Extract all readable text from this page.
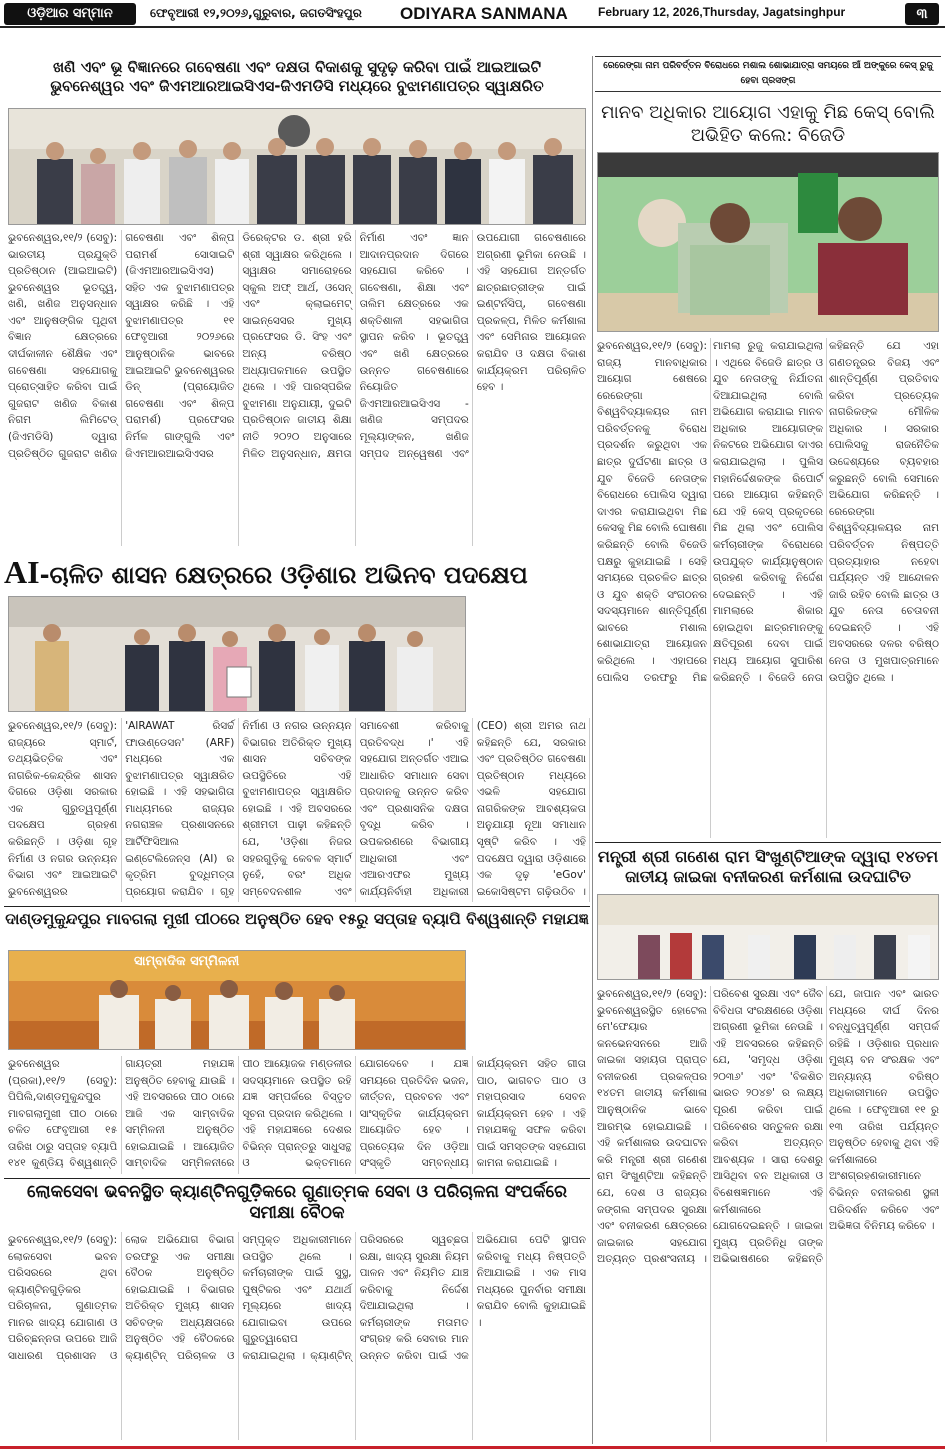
ଓଡ଼ିଆର ସମ୍ମାନ	ଫେବୃଆରୀ ୧୨,୨୦୨୬,ଗୁରୁବାର, ଜଗତସିଂହପୁର ODIYARA SANMANA	February 12, 2026,Thursday, Jagatsinghpur	୩
ଖଣି ଏବଂ ଭୂ ବିଜ୍ଞାନରେ ଗବେଷଣା ଏବଂ ଦକ୍ଷତା ବିକାଶକୁ ସୁଦୃଢ଼ କରିବା ପାଇଁ ଆଇଆଇଟି
ଭୁବନେଶ୍ୱର ଏବଂ ଜିଏମଆରଆଇସିଏସ-ଜିଏମଡିସି ମଧ୍ୟରେ ବୁଝାମଣାପତ୍ର ସ୍ୱାକ୍ଷରିତ
ଭୁବନେଶ୍ୱର,୧୧/୨ (ସେବୁ): ଭାରତୀୟ ପ୍ରଯୁକ୍ତି ପ୍ରତିଷ୍ଠାନ (ଆଇଆଇଟି) ଭୁବନେଶ୍ୱର ଭୂତତ୍ତ୍ୱ, ଖଣି, ଖଣିଜ ଅନୁସନ୍ଧାନ ଏବଂ ଆନୁଷଙ୍ଗିକ ପୃଥିବୀ ବିଜ୍ଞାନ କ୍ଷେତ୍ରରେ ଦୀର୍ଘକାଳୀନ ଶୈକ୍ଷିକ ଏବଂ ଗବେଷଣା ସହଯୋଗକୁ ପ୍ରୋତ୍ସାହିତ କରିବା ପାଇଁ ଗୁଜରାଟ ଖଣିଜ ବିକାଶ ନିଗମ ଲିମିଟେଡ୍ (ଜିଏମଡିସି) ଦ୍ୱାରା ପ୍ରତିଷ୍ଠିତ ଗୁଜରାଟ ଖଣିଜ ଗବେଷଣା ଏବଂ ଶିଳ୍ପ ପରାମର୍ଶ ସୋସାଇଟି (ଜିଏମଆରଆଇସିଏସ) ସହିତ ଏକ ବୁଝାମଣାପତ୍ର ସ୍ୱାକ୍ଷର କରିଛି । ଏହି ବୁଝାମଣାପତ୍ର ୧୧ ଫେବୃଆରୀ ୨୦୨୬ରେ ଆନୁଷ୍ଠାନିକ ଭାବରେ ଆଇଆଇଟି ଭୁବନେଶ୍ୱରର ଡିନ୍ (ପ୍ରାୟୋଜିତ ଗବେଷଣା ଏବଂ ଶିଳ୍ପ ପରାମର୍ଶ) ପ୍ରଫେସର ନିର୍ମଳ ଗାଙ୍ଗୁଲି ଏବଂ ଜିଏମଆରଆଇସିଏସର ଡିରେକ୍ଟର ଡ. ଶ୍ରୀ ହରି ଶ୍ରୀ ସ୍ୱାକ୍ଷର କରିଥିଲେ । ସ୍ୱାକ୍ଷର ସମାରୋହରେ ସ୍କୁଲ ଅଫ୍ ଆର୍ଥ, ଓସେନ୍ ଏବଂ କ୍ଲାଇମେଟ୍ ସାଇନ୍ସେସର ମୁଖ୍ୟ ପ୍ରଫେସର ଡି. ସିଂହ ଏବଂ ଅନ୍ୟ ବରିଷ୍ଠ ଅଧ୍ୟାପକମାନେ ଉପସ୍ଥିତ ଥିଲେ । ଏହି ପାରସ୍ପରିକ ବୁଝାମଣା ଅନୁଯାୟୀ, ଦୁଇଟି ପ୍ରତିଷ୍ଠାନ ଜାତୀୟ ଶିକ୍ଷା ନୀତି ୨୦୨୦ ଅନୁସାରେ ମିଳିତ ଅନୁସନ୍ଧାନ, କ୍ଷମତା ନିର୍ମାଣ ଏବଂ ଜ୍ଞାନ ଆଦାନପ୍ରଦାନ ଦିଗରେ ସହଯୋଗ କରିବେ । ଗବେଷଣା, ଶିକ୍ଷା ଏବଂ ତାଲିମ କ୍ଷେତ୍ରରେ ଏକ ଶକ୍ତିଶାଳୀ ସହଭାଗିତା ସ୍ଥାପନ କରିବ । ଭୂତତ୍ତ୍ୱ ଏବଂ ଖଣି କ୍ଷେତ୍ରରେ ଉନ୍ନତ ଗବେଷଣାରେ ନିୟୋଜିତ ଜିଏମଆରଆଇସିଏସ - ଖଣିଜ ସମ୍ପଦର ମୂଲ୍ୟାଙ୍କନ, ଖଣିଜ ସମ୍ପଦ ଅନ୍ୱେଷଣ ଏବଂ ଉପଯୋଗୀ ଗବେଷଣାରେ ଅଗ୍ରଣୀ ଭୂମିକା ନେଉଛି । ଏହି ସହଯୋଗ ଅନ୍ତର୍ଗତ ଛାତ୍ରଛାତ୍ରୀଙ୍କ ପାଇଁ ଇଣ୍ଟର୍ନସିପ୍, ଗବେଷଣା ପ୍ରକଳ୍ପ, ମିଳିତ କର୍ମଶାଳା ଏବଂ ସେମିନାର ଆୟୋଜନ କରାଯିବ ଓ ଦକ୍ଷତା ବିକାଶ କାର୍ଯ୍ୟକ୍ରମ ପରିଚାଳିତ ହେବ ।
ରେରେଙ୍ଗା ନାମ ପରିବର୍ତ୍ତନ ବିରୋଧରେ ମଶାଲ ଶୋଭାଯାତ୍ରା ସମୟରେ ଆଁ ଅଙ୍କୁରେ କେସ୍ ରୁଜୁ ହେବା ପ୍ରସଙ୍ଗ
ମାନବ ଅଧିକାର ଆୟୋଗ ଏହାକୁ ମିଛ କେସ୍ ବୋଲି ଅଭିହିତ କଲେ: ବିଜେଡି
ଭୁବନେଶ୍ୱର,୧୧/୨ (ସେବୁ): ରାଜ୍ୟ ମାନବାଧିକାର ଆୟୋଗ ଶେଷରେ ରେରେଙ୍ଗା ବିଶ୍ୱବିଦ୍ୟାଳୟର ନାମ ପରିବର୍ତ୍ତନକୁ ବିରୋଧ ପ୍ରଦର୍ଶନ କରୁଥିବା ଏକ ଛାତ୍ର ଦୁର୍ଘଟଣା ଛାତ୍ର ଓ ଯୁବ ବିଜେଡି ନେତାଙ୍କ ବିରୋଧରେ ପୋଲିସ ଦ୍ୱାରା ଦାଏର କରାଯାଇଥିବା ମିଛ କେସକୁ ମିଛ ବୋଲି ଘୋଷଣା କରିଛନ୍ତି ବୋଲି ବିଜେଡି ପକ୍ଷରୁ କୁହାଯାଇଛି । ସେହି ସମୟରେ ପ୍ରଚଳିତ ଛାତ୍ର ଓ ଯୁବ ଶକ୍ତି ସଂଗଠନର ସଦସ୍ୟମାନେ ଶାନ୍ତିପୂର୍ଣ୍ଣ ଭାବରେ ମଶାଲ ଶୋଭାଯାତ୍ରା ଆୟୋଜନ କରିଥିଲେ । ଏହାପରେ ପୋଲିସ ତରଫରୁ ମିଛ ମାମଲା ରୁଜୁ କରାଯାଇଥିଲା । ଏଥିରେ ବିଜେଡି ଛାତ୍ର ଓ ଯୁବ ନେତାଙ୍କୁ ନିର୍ଯାତନା ଦିଆଯାଇଥିଲା ବୋଲି ଅଭିଯୋଗ କରାଯାଇ ମାନବ ଅଧିକାର ଆୟୋଗଙ୍କ ନିକଟରେ ଅଭିଯୋଗ ଦାଏର କରାଯାଇଥିଲା । ପୁଲିସ ମହାନିର୍ଦ୍ଦେଶକଙ୍କ ରିପୋର୍ଟ ପରେ ଆୟୋଗ କହିଛନ୍ତି ଯେ ଏହି କେସ୍ ପ୍ରକୃତରେ ମିଛ ଥିଲା ଏବଂ ପୋଲିସ କର୍ମଚାରୀଙ୍କ ବିରୋଧରେ ଉପଯୁକ୍ତ କାର୍ଯ୍ୟାନୁଷ୍ଠାନ ଗ୍ରହଣ କରିବାକୁ ନିର୍ଦ୍ଦେଶ ଦେଇଛନ୍ତି । ଏହି ମାମଲାରେ ଶିକାର ହୋଇଥିବା ଛାତ୍ରମାନଙ୍କୁ କ୍ଷତିପୂରଣ ଦେବା ପାଇଁ ମଧ୍ୟ ଆୟୋଗ ସୁପାରିଶ କରିଛନ୍ତି । ବିଜେଡି ନେତା କହିଛନ୍ତି ଯେ ଏହା ଗଣତନ୍ତ୍ରର ବିଜୟ ଏବଂ ଶାନ୍ତିପୂର୍ଣ୍ଣ ପ୍ରତିବାଦ କରିବା ପ୍ରତ୍ୟେକ ନାଗରିକଙ୍କ ମୌଳିକ ଅଧିକାର । ସରକାର ପୋଲିସକୁ ରାଜନୈତିକ ଉଦ୍ଦେଶ୍ୟରେ ବ୍ୟବହାର କରୁଛନ୍ତି ବୋଲି ସେମାନେ ଅଭିଯୋଗ କରିଛନ୍ତି । ରେରେଙ୍ଗା ବିଶ୍ୱବିଦ୍ୟାଳୟର ନାମ ପରିବର୍ତ୍ତନ ନିଷ୍ପତ୍ତି ପ୍ରତ୍ୟାହାର ନହେବା ପର୍ଯ୍ୟନ୍ତ ଏହି ଆନ୍ଦୋଳନ ଜାରି ରହିବ ବୋଲି ଛାତ୍ର ଓ ଯୁବ ନେତା ଚେତାବନୀ ଦେଇଛନ୍ତି । ଏହି ଅବସରରେ ଦଳର ବରିଷ୍ଠ ନେତା ଓ ମୁଖପାତ୍ରମାନେ ଉପସ୍ଥିତ ଥିଲେ ।
AI-ଚାଳିତ ଶାସନ କ୍ଷେତ୍ରରେ ଓଡ଼ିଶାର ଅଭିନବ ପଦକ୍ଷେପ
ଭୁବନେଶ୍ୱର,୧୧/୨ (ସେବୁ): ରାଜ୍ୟରେ ସ୍ମାର୍ଟ, ତଥ୍ୟଭିତ୍ତିକ ଏବଂ ନାଗରିକ-କେନ୍ଦ୍ରିକ ଶାସନ ଦିଗରେ ଓଡ଼ିଶା ସରକାର ଏକ ଗୁରୁତ୍ୱପୂର୍ଣ୍ଣ ପଦକ୍ଷେପ ଗ୍ରହଣ କରିଛନ୍ତି । ଓଡ଼ିଶା ଗୃହ ନିର୍ମାଣ ଓ ନଗର ଉନ୍ନୟନ ବିଭାଗ ଏବଂ ଆଇଆଇଟି ଭୁବନେଶ୍ୱରର 'AIRAWAT ରିସର୍ଚ୍ଚ ଫାଉଣ୍ଡେସନ' (ARF) ମଧ୍ୟରେ ଏକ ବୁଝାମଣାପତ୍ର ସ୍ୱାକ୍ଷରିତ ହୋଇଛି । ଏହି ସହଭାଗିତା ମାଧ୍ୟମରେ ରାଜ୍ୟର ନଗରାଞ୍ଚଳ ପ୍ରଶାସନରେ ଆର୍ଟିଫିସିଆଲ ଇଣ୍ଟେଲିଜେନ୍ସ (AI) ର କୃତ୍ରିମ ବୁଦ୍ଧିମତ୍ତା ପ୍ରୟୋଗ କରାଯିବ । ଗୃହ ନିର୍ମାଣ ଓ ନଗର ଉନ୍ନୟନ ବିଭାଗର ଅତିରିକ୍ତ ମୁଖ୍ୟ ଶାସନ ସଚିବଙ୍କ ଉପସ୍ଥିତିରେ ଏହି ବୁଝାମଣାପତ୍ର ସ୍ୱାକ୍ଷରିତ ହୋଇଛି । ଏହି ଅବସରରେ ଶ୍ରୀମତୀ ପାଢ଼ୀ କହିଛନ୍ତି ଯେ, 'ଓଡ଼ିଶା ନିଜର ସହରଗୁଡ଼ିକୁ କେବଳ ସ୍ମାର୍ଟ ନୁହେଁ, ବରଂ ଅଧିକ ସମ୍ବେଦନଶୀଳ ଏବଂ ସମାବେଶୀ କରିବାକୁ ପ୍ରତିବଦ୍ଧ ।' ଏହି ସହଯୋଗ ଅନ୍ତର୍ଗତ ଏଆଇ ଆଧାରିତ ସମାଧାନ ସେବା ପ୍ରଦାନକୁ ଉନ୍ନତ କରିବ ଏବଂ ପ୍ରଶାସନିକ ଦକ୍ଷତା ବୃଦ୍ଧି କରିବ । ଉପକରଣରେ ବିଭାଗୀୟ ଆଧିକାରୀ ଏବଂ ଏଆରଏଫର ମୁଖ୍ୟ କାର୍ଯ୍ୟନିର୍ବାହୀ ଅଧିକାରୀ (CEO) ଶ୍ରୀ ଅମର ନାଥ କହିଛନ୍ତି ଯେ, ସରକାର ଏବଂ ପ୍ରତିଷ୍ଠିତ ଗବେଷଣା ପ୍ରତିଷ୍ଠାନ ମଧ୍ୟରେ ଏଭଳି ସହଯୋଗ ନାଗରିକଙ୍କ ଆବଶ୍ୟକତା ଅନୁଯାୟୀ ନୂଆ ସମାଧାନ ସୃଷ୍ଟି କରିବ । ଏହି ପଦକ୍ଷେପ ଦ୍ୱାରା ଓଡ଼ିଶାରେ ଏକ ଦୃଢ଼ 'eGov' ଇକୋସିଷ୍ଟମ ଗଢ଼ିଉଠିବ ।
ମନ୍ତ୍ରୀ ଶ୍ରୀ ଗଣେଶ ରାମ ସିଂଖୁଣ୍ଟିଆଙ୍କ ଦ୍ୱାରା ୧୪ତମ ଜାତୀୟ ଜାଇକା ବନୀକରଣ କର୍ମଶାଳା ଉଦଘାଟିତ
ଭୁବନେଶ୍ୱର,୧୧/୨ (ସେବୁ): ଭୁବନେଶ୍ୱରସ୍ଥିତ ହୋଟେଲ ମେ'ଫେୟାର କନଭେନସନରେ ଆଜି ଜାଇକା ସହାୟତା ପ୍ରାପ୍ତ ବନୀକରଣ ପ୍ରକଳ୍ପର ୧୪ତମ ଜାତୀୟ କର୍ମଶାଳା ଆନୁଷ୍ଠାନିକ ଭାବେ ଆରମ୍ଭ ହୋଇଯାଇଛି । ଏହି କର୍ମଶାଳାର ଉଦଘାଟନ କରି ମନ୍ତ୍ରୀ ଶ୍ରୀ ଗଣେଶ ରାମ ସିଂଖୁଣ୍ଟିଆ କହିଛନ୍ତି ଯେ, ଦେଶ ଓ ରାଜ୍ୟର ଜଙ୍ଗଲ ସମ୍ପଦର ସୁରକ୍ଷା ଏବଂ ବନୀକରଣ କ୍ଷେତ୍ରରେ ଜାଇକାର ସହଯୋଗ ଅତ୍ୟନ୍ତ ପ୍ରଶଂସନୀୟ । ପରିବେଶ ସୁରକ୍ଷା ଏବଂ ଜୈବ ବିବିଧତା ସଂରକ୍ଷଣରେ ଓଡ଼ିଶା ଅଗ୍ରଣୀ ଭୂମିକା ନେଉଛି । ଏହି ଅବସରରେ କହିଛନ୍ତି ଯେ, 'ସମୃଦ୍ଧ ଓଡ଼ିଶା ୨୦୩୬' ଏବଂ 'ବିକଶିତ ଭାରତ ୨୦୪୭' ର ଲକ୍ଷ୍ୟ ପୂରଣ କରିବା ପାଇଁ ପରିବେଶର ସନ୍ତୁଳନ ରକ୍ଷା କରିବା ଅତ୍ୟନ୍ତ ଆବଶ୍ୟକ । ସାରା ଦେଶରୁ ଆସିଥିବା ବନ ଅଧିକାରୀ ଓ ବିଶେଷଜ୍ଞମାନେ ଏହି କର୍ମଶାଳାରେ ଯୋଗଦେଇଛନ୍ତି । ଜାଇକା ମୁଖ୍ୟ ପ୍ରତିନିଧି ତାଙ୍କ ଅଭିଭାଷଣରେ କହିଛନ୍ତି ଯେ, ଜାପାନ ଏବଂ ଭାରତ ମଧ୍ୟରେ ଦୀର୍ଘ ଦିନର ବନ୍ଧୁତ୍ୱପୂର୍ଣ୍ଣ ସମ୍ପର୍କ ରହିଛି । ଓଡ଼ିଶାର ପ୍ରଧାନ ମୁଖ୍ୟ ବନ ସଂରକ୍ଷକ ଏବଂ ଅନ୍ୟାନ୍ୟ ବରିଷ୍ଠ ଅଧିକାରୀମାନେ ଉପସ୍ଥିତ ଥିଲେ । ଫେବୃଆରୀ ୧୧ ରୁ ୧୩ ତାରିଖ ପର୍ଯ୍ୟନ୍ତ ଅନୁଷ୍ଠିତ ହେବାକୁ ଥିବା ଏହି କର୍ମଶାଳାରେ ଅଂଶଗ୍ରହଣକାରୀମାନେ ବିଭିନ୍ନ ବନୀକରଣ ସ୍ଥଳୀ ପରିଦର୍ଶନ କରିବେ ଏବଂ ଅଭିଜ୍ଞତା ବିନିମୟ କରିବେ ।
ଦାଣ୍ଡମୁକୁନ୍ଦପୁର ମାବଗଲା ମୁଖୀ ପୀଠରେ ଅନୁଷ୍ଠିତ ହେବ ୧୫ରୁ ସପ୍ତାହ ବ୍ୟାପି ବିଶ୍ୱଶାନ୍ତି ମହାଯଜ୍ଞ
ସାମ୍ବାଦିକ ସମ୍ମିଳନୀ
ଭୁବନେଶ୍ୱର (ପ୍ରକା),୧୧/୨ (ସେବୁ): ପିପିଲି,ଦାଣ୍ଡମୁକୁନ୍ଦପୁର ମାବଗଲାମୁଖୀ ପୀଠ ଠାରେ ଚଳିତ ଫେବୃଆରୀ ୧୫ ତାରିଖ ଠାରୁ ସପ୍ତାହ ବ୍ୟାପି ୧୪୧ କୁଣ୍ଡିୟ ବିଶ୍ୱଶାନ୍ତି ଗାୟତ୍ରୀ ମହାଯଜ୍ଞ ଅନୁଷ୍ଠିତ ହେବାକୁ ଯାଉଛି । ଏହି ଅବସରରେ ପୀଠ ଠାରେ ଆଜି ଏକ ସାମ୍ବାଦିକ ସମ୍ମିଳନୀ ଅନୁଷ୍ଠିତ ହୋଇଯାଇଛି । ଆୟୋଜିତ ସାମ୍ବାଦିକ ସମ୍ମିଳନୀରେ ପୀଠ ଆୟୋଜକ ମଣ୍ଡଳୀର ସଦସ୍ୟମାନେ ଉପସ୍ଥିତ ରହି ଯଜ୍ଞ ସମ୍ପର୍କରେ ବିସ୍ତୃତ ସୂଚନା ପ୍ରଦାନ କରିଥିଲେ । ଏହି ମହାଯଜ୍ଞରେ ଦେଶର ବିଭିନ୍ନ ପ୍ରାନ୍ତରୁ ସାଧୁସନ୍ଥ ଓ ଭକ୍ତମାନେ ଯୋଗଦେବେ । ଯଜ୍ଞ ସମୟରେ ପ୍ରତିଦିନ ଭଜନ, କୀର୍ତ୍ତନ, ପ୍ରବଚନ ଏବଂ ସାଂସ୍କୃତିକ କାର୍ଯ୍ୟକ୍ରମ ଆୟୋଜିତ ହେବ । ପ୍ରତ୍ୟେକ ଦିନ ଓଡ଼ିଆ ସଂସ୍କୃତି ସମ୍ବନ୍ଧୀୟ କାର୍ଯ୍ୟକ୍ରମ ସହିତ ଗୀତା ପାଠ, ଭାଗବତ ପାଠ ଓ ମହାପ୍ରସାଦ ସେବନ କାର୍ଯ୍ୟକ୍ରମ ହେବ । ଏହି ମହାଯଜ୍ଞକୁ ସଫଳ କରିବା ପାଇଁ ସମସ୍ତଙ୍କ ସହଯୋଗ କାମନା କରାଯାଇଛି ।
ଲୋକସେବା ଭବନସ୍ଥିତ କ୍ୟାଣ୍ଟିନଗୁଡ଼ିକରେ ଗୁଣାତ୍ମକ ସେବା ଓ ପରିଚାଳନା ସଂପର୍କରେ ସମୀକ୍ଷା ବୈଠକ
ଭୁବନେଶ୍ୱର,୧୧/୨ (ସେବୁ): ଲୋକସେବା ଭବନ ପରିସରରେ ଥିବା କ୍ୟାଣ୍ଟିନଗୁଡ଼ିକର ପରିଚାଳନା, ଗୁଣାତ୍ମକ ମାନର ଖାଦ୍ୟ ଯୋଗାଣ ଓ ପରିଚ୍ଛନ୍ନତା ଉପରେ ଆଜି ସାଧାରଣ ପ୍ରଶାସନ ଓ ଲୋକ ଅଭିଯୋଗ ବିଭାଗ ତରଫରୁ ଏକ ସମୀକ୍ଷା ବୈଠକ ଅନୁଷ୍ଠିତ ହୋଇଯାଇଛି । ବିଭାଗର ଅତିରିକ୍ତ ମୁଖ୍ୟ ଶାସନ ସଚିବଙ୍କ ଅଧ୍ୟକ୍ଷତାରେ ଅନୁଷ୍ଠିତ ଏହି ବୈଠକରେ କ୍ୟାଣ୍ଟିନ୍ ପରିଚାଳକ ଓ ସମ୍ପୃକ୍ତ ଅଧିକାରୀମାନେ ଉପସ୍ଥିତ ଥିଲେ । କର୍ମଚାରୀଙ୍କ ପାଇଁ ସୁସ୍ଥ, ପୁଷ୍ଟିକର ଏବଂ ଯଥାର୍ଥ ମୂଲ୍ୟରେ ଖାଦ୍ୟ ଯୋଗାଇବା ଉପରେ ଗୁରୁତ୍ୱାରୋପ କରାଯାଇଥିଲା । କ୍ୟାଣ୍ଟିନ୍ ପରିସରରେ ସ୍ୱଚ୍ଛତା ରକ୍ଷା, ଖାଦ୍ୟ ସୁରକ୍ଷା ନିୟମ ପାଳନ ଏବଂ ନିୟମିତ ଯାଞ୍ଚ କରିବାକୁ ନିର୍ଦ୍ଦେଶ ଦିଆଯାଇଥିଲା । କର୍ମଚାରୀଙ୍କ ମତାମତ ସଂଗ୍ରହ କରି ସେବାର ମାନ ଉନ୍ନତ କରିବା ପାଇଁ ଏକ ଅଭିଯୋଗ ପେଟି ସ୍ଥାପନ କରିବାକୁ ମଧ୍ୟ ନିଷ୍ପତ୍ତି ନିଆଯାଇଛି । ଏକ ମାସ ମଧ୍ୟରେ ପୁନର୍ବାର ସମୀକ୍ଷା କରାଯିବ ବୋଲି କୁହାଯାଇଛି ।
